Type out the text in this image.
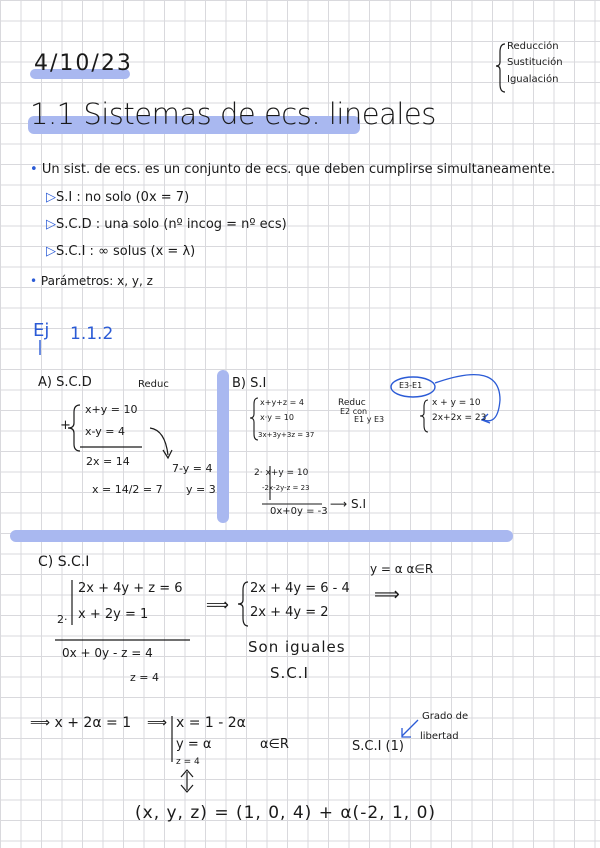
4/10/23
Reducción
Sustitución
Igualación
1.1 Sistemas de ecs. lineales
• Un sist. de ecs. es un conjunto de ecs. que deben cumplirse simultaneamente.
▷S.I : no solo (0x = 7)
▷S.C.D : una solo (nº incog = nº ecs)
▷S.C.I : ∞ solus (x = λ)
• Parámetros: x, y, z
Ej 1.1.2
A) S.C.D	Reduc
+
x+y = 10
x-y = 4
2x = 14
x = 14/2 = 7
7-y = 4
y = 3
B) S.I
x+y+z = 4
x·y = 10
3x+3y+3z = 37
Reduc
E2 con
E1 y E3
E3-E1
x + y = 10
2x+2x = 23
2· x+y = 10
-2x-2y-z = 23
0x+0y = -3
⟶ S.I
C) S.C.I
2·
2x + 4y + z = 6
x + 2y = 1
0x + 0y - z = 4
z = 4
⟹
2x + 4y = 6 - 4
2x + 4y = 2
Son iguales
S.C.I
y = α α∈R
⟹
⟹ x + 2α = 1 ⟹ x = 1 - 2α
y = α
z = 4
α∈R	S.C.I (1)
Grado de
libertad
(x, y, z) = (1, 0, 4) + α(-2, 1, 0)
